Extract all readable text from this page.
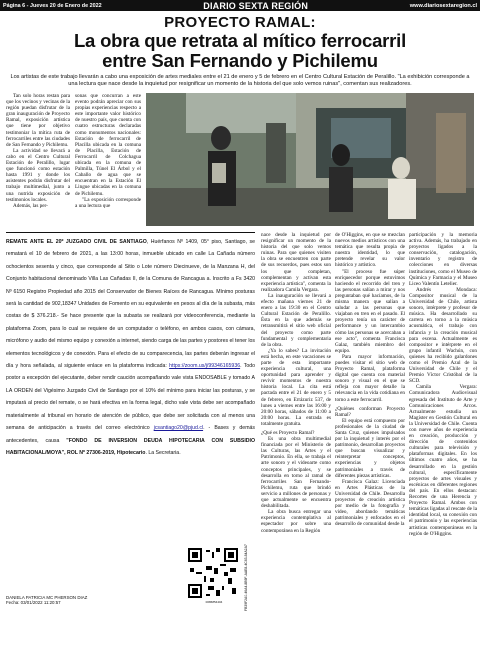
Página 6 - Jueves 20 de Enero de 2022	DIARIO SEXTA REGIÓN	www.diariosextaregion.cl
PROYECTO RAMAL:
La obra que retrata al mítico ferrocarril
entre San Fernando y Pichilemu
Los artistas de este trabajo llevarán a cabo una exposición de artes mediales entre el 21 de enero y 5 de febrero en el Centro Cultural Estación de Peralillo. "La exhibición corresponde a una lectura que nace desde la inquietud por resignificar un momento de la historia del que solo vemos ruinas", comentan sus realizadores.

Tan solo horas restan para que los vecinos y vecinas de la región puedan disfrutar de la gran inauguración de Proyecto Ramal, exposición artística que tiene por objetivo testimoniar la mítica ruta de ferrocarriles entre las ciudades de San Fernando y Pichilemu.

La actividad se llevará a cabo en el Centro Cultural Estación de Peralillo, lugar que funcionó como estación hasta 1991 y donde los asistentes podrán disfrutar del trabajo multimedial, junto a una nutrida exposición de testimonios locales.

Además, las per-

sonas que concurran a este evento podrán apreciar con sus propias experiencias respecto a este importante valor histórico de nuestro país, que cuenta con cuatro estructuras declaradas como monumentos nacionales: Estación de ferrocarril de Placilla ubicada en la comuna de Placilla, Estación de Ferrocarril de Colchagua ubicada en la comuna de Palmilla, Túnel El Árbol y el Caballo de agua que se encuentran en la Estación El Lingue ubicadas en la comuna de Pichilemu.

"La exposición corresponde a una lectura que

REMATE ANTE EL 20º JUZGADO CIVIL DE SANTIAGO, Huérfanos Nº 1409, 05° piso, Santiago, se rematará el 10 de febrero de 2021, a las 13:00 horas, inmueble ubicado en calle La Cañada número ochocientos sesenta y cinco, que corresponde al Sitio o Lote número Diecinueve, de la Manzana H, del Conjunto habitacional denominado Villa Las Cañadas II, de la Comuna de Rancagua a. Inscrito a Fs 3420 Nº 6150 Registro Propiedad año 2015 del Conservador de Bienes Raíces de Rancagua. Mínimo posturas será la cantidad de 902,18347 Unidades de Fomento en su equivalente en pesos al día de la subasta, más costas de $ 376.218.- Se hace presente que la subasta se realizará por videoconferencia, mediante la plataforma Zoom, para lo cual se requiere de un computador o teléfono, en ambos casos, con cámara, micrófono y audio del mismo equipo y conexión a internet, siendo carga de las partes y postores el tener los elementos tecnológicos y de conexión. Para el efecto de su comparecencia, las partes deberán ingresar el día y hora señalada, al siguiente enlace en la plataforma indicada: https://zoom.us/j/99346165936. Todo postor a excepción del ejecutante, deber rendir caución acompañando vale vista ENDOSABLE y tomado A LA ORDEN del Vigésimo Juzgado Civil de Santiago por el 10% del mínimo para iniciar las posturas, y se imputará al precio del remate, o se hará efectiva en la forma legal, dicho vale vista debe ser acompañado materialmente al tribunal en horario de atención de público, que debe ser solicitada con al menos una semana de anticipación a través del correo electrónico jcsantiago20@pjud.cl. - Bases y demás antecedentes, causa "FONDO DE INVERSION DEUDA HIPOTECARIA CON SUBSIDIO HABITACIONAL/MOYA", ROL Nº 27306-2019, Hipotecario. La Secretaria.
DANIELA PATRICIA MC PHERSON DIAZ
Fecha: 03/01/2022 11:20:57	0086854404	FB39F2A0-46A4-8B9F-AAE8-4C63-84A2A7

nace desde la inquietud por resignificar un momento de la historia del que solo vemos ruinas. Para que quienes visiten la obra se encuentren con parte de sus recuerdos, pues estos son los que completan, complementan y activan esta experiencia artística", comenta la realizadora Camila Vergara.

La inauguración se llevará a efecto mañana viernes 21 de enero a las 19:30 en el Centro Cultural Estación de Peralillo. Ésta en la que además se retransmitirá el sitio web oficial del proyecto como parte fundamental y complementaria de la obra.

¿Ya lo sabes? La invitación está hecha, en este vacaciones se parte de esta importante experiencia cultural, una oportunidad para aprender y revivir momentos de nuestra historia local. La cita está pactada entre el 21 de enero y 5 de febrero, en Errázuriz 537, de lunes a viernes entre las 16:00 y 20:00 horas, sábados de 11:00 a 20:00 horas. La entrada es totalmente gratuita.

¿Qué es Proyecto Ramal?

Es una obra multimedial financiada por el Ministerio de las Culturas, las Artes y el Patrimonio. En ella, se trabaja el arte sonoro y el videoarte como conceptos principales, y se desarrolla en torno al ramal de ferrocarriles San Fernando-Pichilemu, ruta que brindó servicio a millones de personas y que actualmente se encuentra deshabilitada.

La obra busca entregar una experiencia contemplativa al espectador por sobre una contemporánea en la Región

de O'Higgins, en que se mezclan nuevos medios artísticos con una temática que resulta propia de nuestra identidad, lo que pretende revelar su valor histórico y artístico.

"El proceso fue súper enriquecedor porque estuvimos haciendo el recorrido del tren y las personas salían a mirar y nos preguntaban qué hacíamos, de la misma manera que salían a saludar a las personas que viajaban en tren en el pasado. El proyecto tenía un carácter de performance y un intercambio cómo las personas se acercaban a ese acto", comenta Francisca Galaz, también miembro del equipo.

Para mayor información, puedes visitar el sitio web de Proyecto Ramal, plataforma digital que cuenta con material sonoro y visual en el que se refleja con mayor detalle la relevancia en la vida cotidiana en torno a este ferrocarril.

¿Quiénes conforman Proyecto Ramal?

El equipo está compuesto por profesionales de la ciudad de Santa Cruz, quienes impulsados por la inquietud y interés por el patrimonio, desarrollan proyectos que buscan visualizar y reinterpretar conceptos, experiencias y objetos patrimoniales a través de diferentes piezas artísticas.

Francisca Galaz: Licenciada en Artes Plásticas de la Universidad de Chile. Desarrolla proyectos de creación artística por medio de la fotografía y video, abordando temáticas patrimoniales y enfocados en el desarrollo de comunidad desde la

participación y la memoria activa. Además, ha trabajado en proyectos ligados a la conservación, catalogación, inventario y registro de colecciones en diversas instituciones, como el Museo de Química y Farmacia y el Museo Liceo Valentín Letelier.

Andrés Mondaca: Compositor musical de la Universidad de Chile, artista sonoro, intérprete y profesor de música. Ha desarrollado su carrera en torno a la música acusmática, el trabajo con infancia y la creación musical para escena. Actualmente es compositor e intérprete en el grupo infantil Wachún, con quienes ha recibido galardones como el Premio Azul de la Universidad de Chile y el Premio Víctor Cristóbal de la SCD.

Camila Vergara: Comunicadora Audiovisual egresada del Instituto de Arte y Comunicaciones Arcos. Actualmente estudia un Magíster en Gestión Cultural en la Universidad de Chile. Cuenta con nueve años de experiencia en creación, producción y dirección de contenidos culturales para televisión y plataformas digitales. En los últimos cuatro años, se ha desarrollado en la gestión cultural, específicamente proyectos de artes visuales y escénicas en diferentes regiones del país. En ellos destacan: Recortes de una Herencia y Proyecto Ramal. Ambos con temáticas ligadas al rescate de la identidad local, su conexión con el patrimonio y las experiencias artísticas contemporáneas en la región de O'Higgins.
